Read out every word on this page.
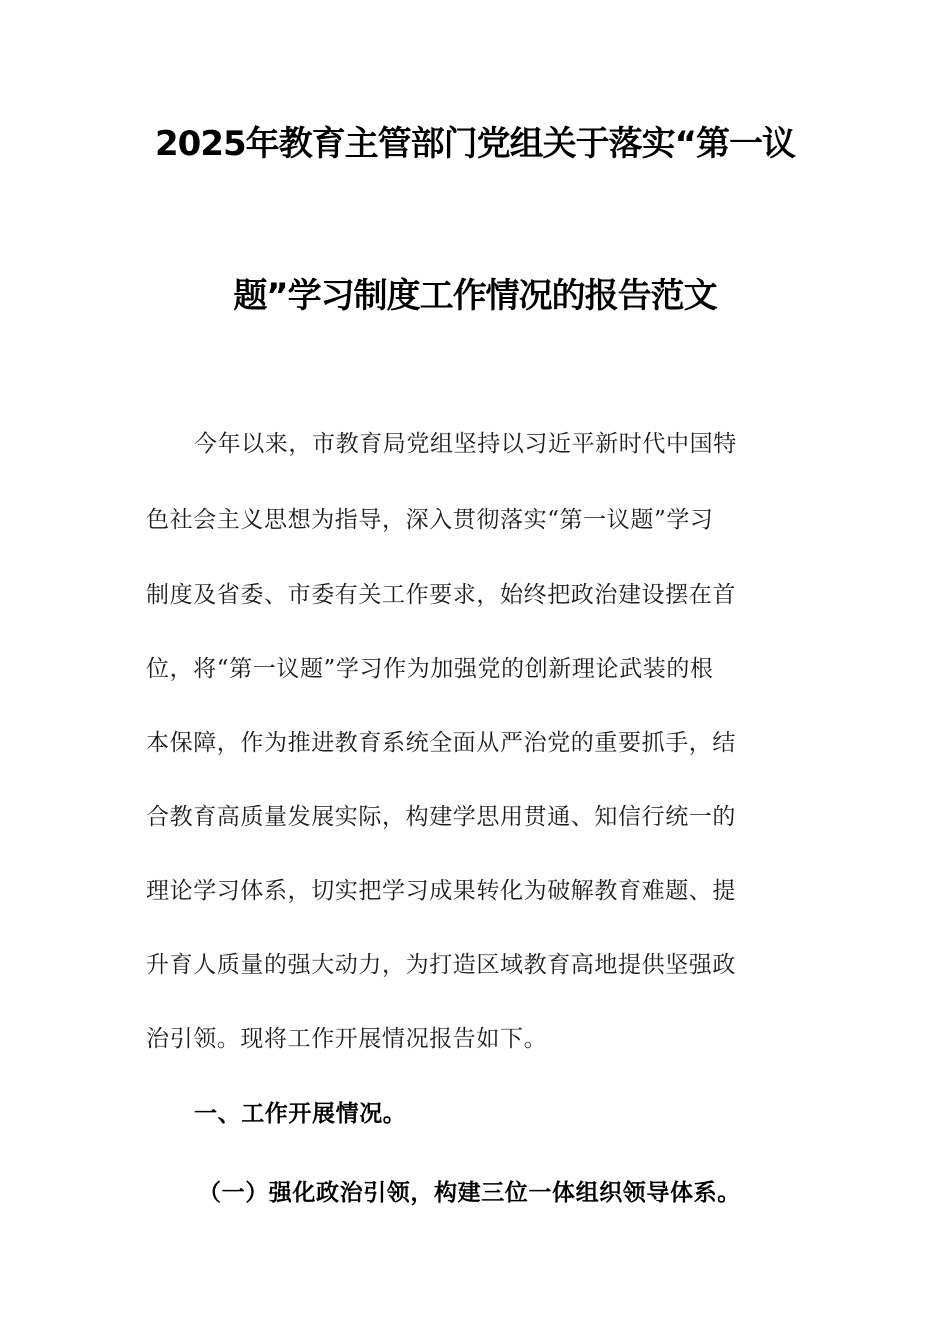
2025年教育主管部门党组关于落实“第一议
题”学习制度工作情况的报告范文
今年以来，市教育局党组坚持以习近平新时代中国特
色社会主义思想为指导，深入贯彻落实“第一议题”学习
制度及省委、市委有关工作要求，始终把政治建设摆在首
位，将“第一议题”学习作为加强党的创新理论武装的根
本保障，作为推进教育系统全面从严治党的重要抓手，结
合教育高质量发展实际，构建学思用贯通、知信行统一的
理论学习体系，切实把学习成果转化为破解教育难题、提
升育人质量的强大动力，为打造区域教育高地提供坚强政
治引领。现将工作开展情况报告如下。
一、工作开展情况。
（一）强化政治引领，构建三位一体组织领导体系。
